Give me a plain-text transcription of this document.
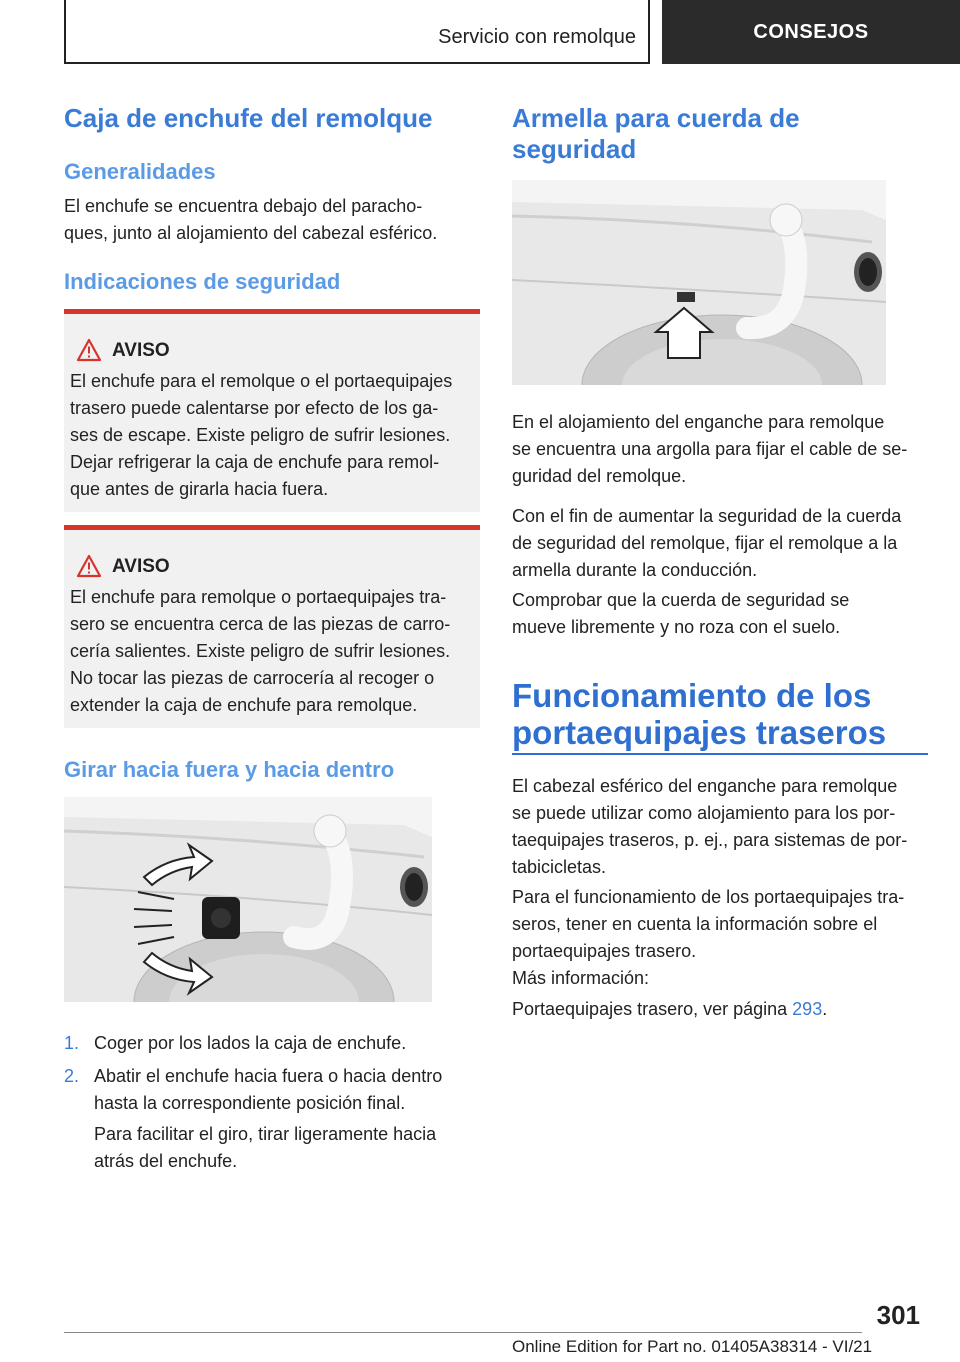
Servicio con remolque	CONSEJOS
Caja de enchufe del remolque
Generalidades
El enchufe se encuentra debajo del paracho-
ques, junto al alojamiento del cabezal esférico.
Indicaciones de seguridad
AVISO
El enchufe para el remolque o el portaequipajes
trasero puede calentarse por efecto de los ga-
ses de escape. Existe peligro de sufrir lesiones.
Dejar refrigerar la caja de enchufe para remol-
que antes de girarla hacia fuera.
AVISO
El enchufe para remolque o portaequipajes tra-
sero se encuentra cerca de las piezas de carro-
cería salientes. Existe peligro de sufrir lesiones.
No tocar las piezas de carrocería al recoger o
extender la caja de enchufe para remolque.
Girar hacia fuera y hacia dentro
1. Coger por los lados la caja de enchufe.
2. Abatir el enchufe hacia fuera o hacia dentro
hasta la correspondiente posición final.
Para facilitar el giro, tirar ligeramente hacia
atrás del enchufe.
Armella para cuerda de
seguridad
En el alojamiento del enganche para remolque
se encuentra una argolla para fijar el cable de se-
guridad del remolque.
Con el fin de aumentar la seguridad de la cuerda
de seguridad del remolque, fijar el remolque a la
armella durante la conducción.
Comprobar que la cuerda de seguridad se
mueve libremente y no roza con el suelo.
Funcionamiento de los
portaequipajes traseros
El cabezal esférico del enganche para remolque
se puede utilizar como alojamiento para los por-
taequipajes traseros, p. ej., para sistemas de por-
tabicicletas.
Para el funcionamiento de los portaequipajes tra-
seros, tener en cuenta la información sobre el
portaequipajes trasero.
Más información:
Portaequipajes trasero, ver página 293.
301
Online Edition for Part no. 01405A38314 - VI/21
